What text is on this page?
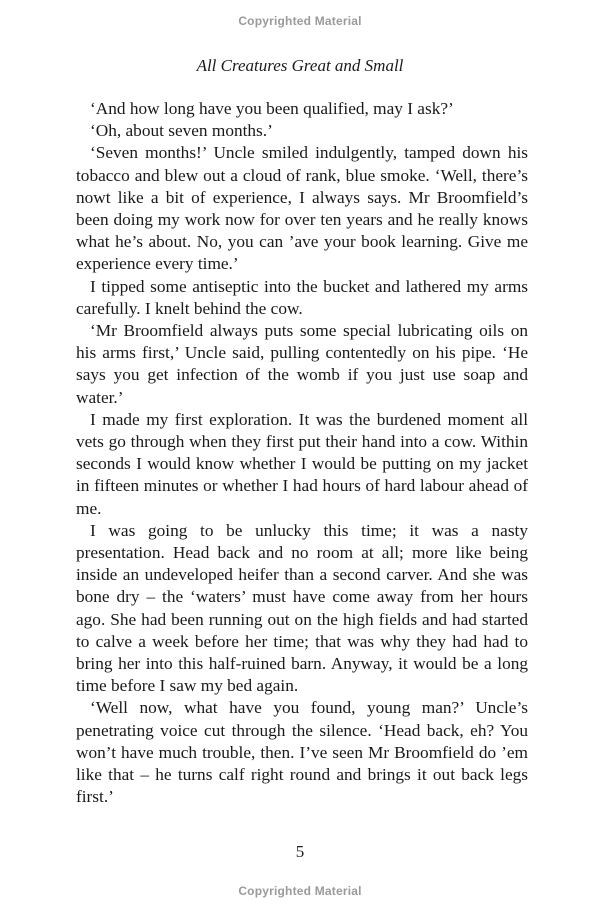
Copyrighted Material
All Creatures Great and Small

‘And how long have you been qualified, may I ask?’

‘Oh, about seven months.’

‘Seven months!’ Uncle smiled indulgently, tamped down his tobacco and blew out a cloud of rank, blue smoke. ‘Well, there’s nowt like a bit of experience, I always says. Mr Broomfield’s been doing my work now for over ten years and he really knows what he’s about. No, you can ’ave your book learning. Give me experience every time.’

I tipped some antiseptic into the bucket and lathered my arms carefully. I knelt behind the cow.

‘Mr Broomfield always puts some special lubricating oils on his arms first,’ Uncle said, pulling contentedly on his pipe. ‘He says you get infection of the womb if you just use soap and water.’

I made my first exploration. It was the burdened moment all vets go through when they first put their hand into a cow. Within seconds I would know whether I would be putting on my jacket in fifteen minutes or whether I had hours of hard labour ahead of me.

I was going to be unlucky this time; it was a nasty presentation. Head back and no room at all; more like being inside an undeveloped heifer than a second carver. And she was bone dry – the ‘waters’ must have come away from her hours ago. She had been running out on the high fields and had started to calve a week before her time; that was why they had had to bring her into this half-ruined barn. Anyway, it would be a long time before I saw my bed again.

‘Well now, what have you found, young man?’ Uncle’s penetrating voice cut through the silence. ‘Head back, eh? You won’t have much trouble, then. I’ve seen Mr Broomfield do ’em like that – he turns calf right round and brings it out back legs first.’

5
Copyrighted Material
